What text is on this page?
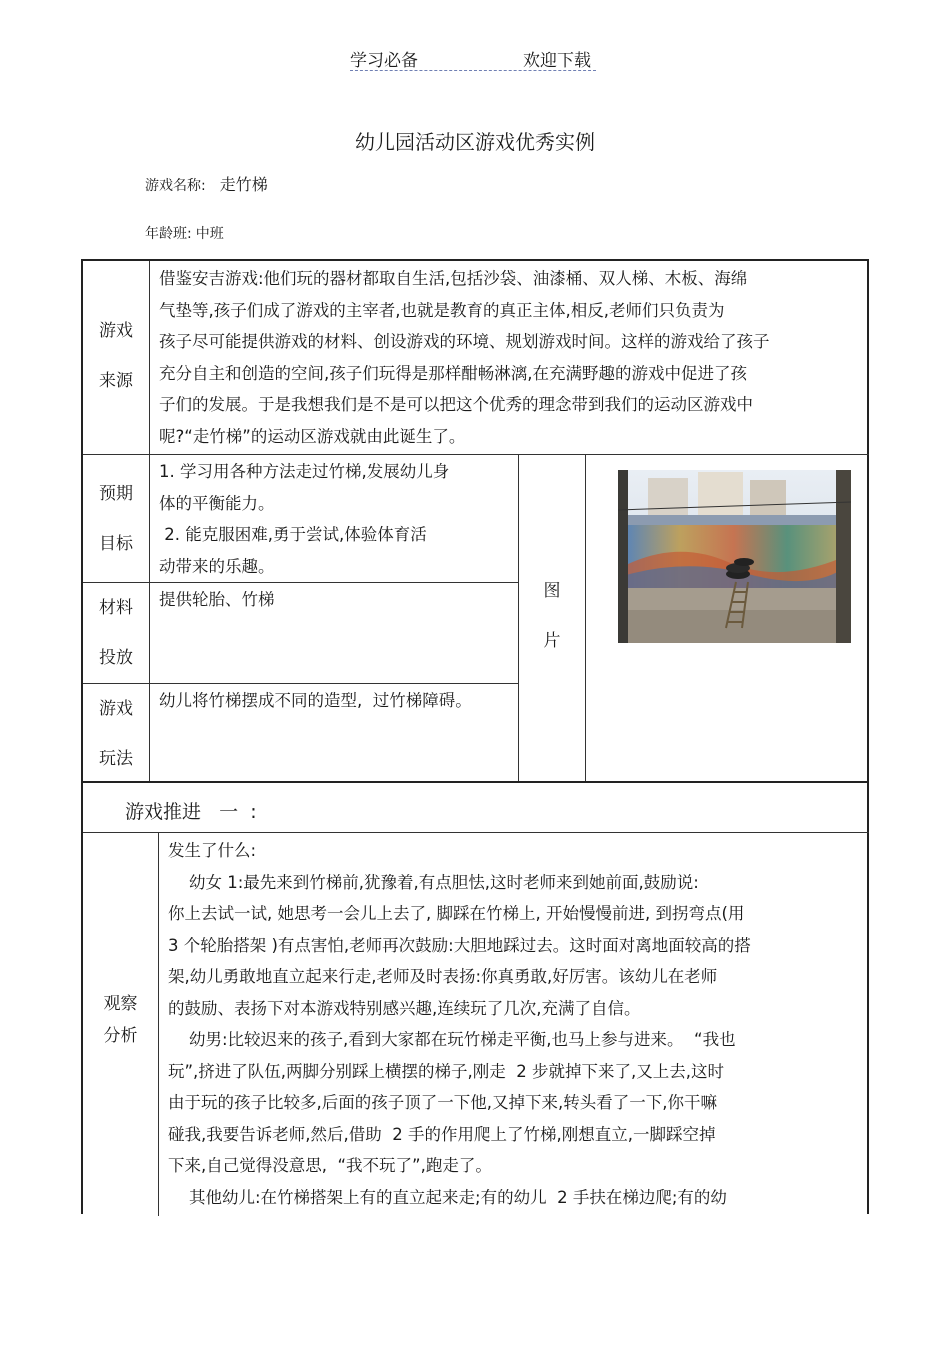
学习必备	欢迎下载
幼儿园活动区游戏优秀实例
游戏名称: 走竹梯
年龄班: 中班
游戏
来源
借鉴安吉游戏:他们玩的器材都取自生活,包括沙袋、油漆桶、双人梯、木板、海绵
气垫等,孩子们成了游戏的主宰者,也就是教育的真正主体,相反,老师们只负责为
孩子尽可能提供游戏的材料、创设游戏的环境、规划游戏时间。这样的游戏给了孩子
充分自主和创造的空间,孩子们玩得是那样酣畅淋漓,在充满野趣的游戏中促进了孩
子们的发展。于是我想我们是不是可以把这个优秀的理念带到我们的运动区游戏中
呢?“走竹梯”的运动区游戏就由此诞生了。
预期
目标
1. 学习用各种方法走过竹梯,发展幼儿身
体的平衡能力。
2. 能克服困难,勇于尝试,体验体育活
动带来的乐趣。
材料
投放
提供轮胎、竹梯
游戏
玩法
幼儿将竹梯摆成不同的造型,  过竹梯障碍。
图
片
游戏推进   一  :
观察
分析
发生了什么:
幼女 1:最先来到竹梯前,犹豫着,有点胆怯,这时老师来到她前面,鼓励说:
你上去试一试, 她思考一会儿上去了, 脚踩在竹梯上, 开始慢慢前进, 到拐弯点(用
3 个轮胎搭架 )有点害怕,老师再次鼓励:大胆地踩过去。这时面对离地面较高的搭
架,幼儿勇敢地直立起来行走,老师及时表扬:你真勇敢,好厉害。该幼儿在老师
的鼓励、表扬下对本游戏特别感兴趣,连续玩了几次,充满了自信。
幼男:比较迟来的孩子,看到大家都在玩竹梯走平衡,也马上参与进来。  “我也
玩”,挤进了队伍,两脚分别踩上横摆的梯子,刚走  2 步就掉下来了,又上去,这时
由于玩的孩子比较多,后面的孩子顶了一下他,又掉下来,转头看了一下,你干嘛
碰我,我要告诉老师,然后,借助  2 手的作用爬上了竹梯,刚想直立,一脚踩空掉
下来,自己觉得没意思,  “我不玩了”,跑走了。
其他幼儿:在竹梯搭架上有的直立起来走;有的幼儿  2 手扶在梯边爬;有的幼
